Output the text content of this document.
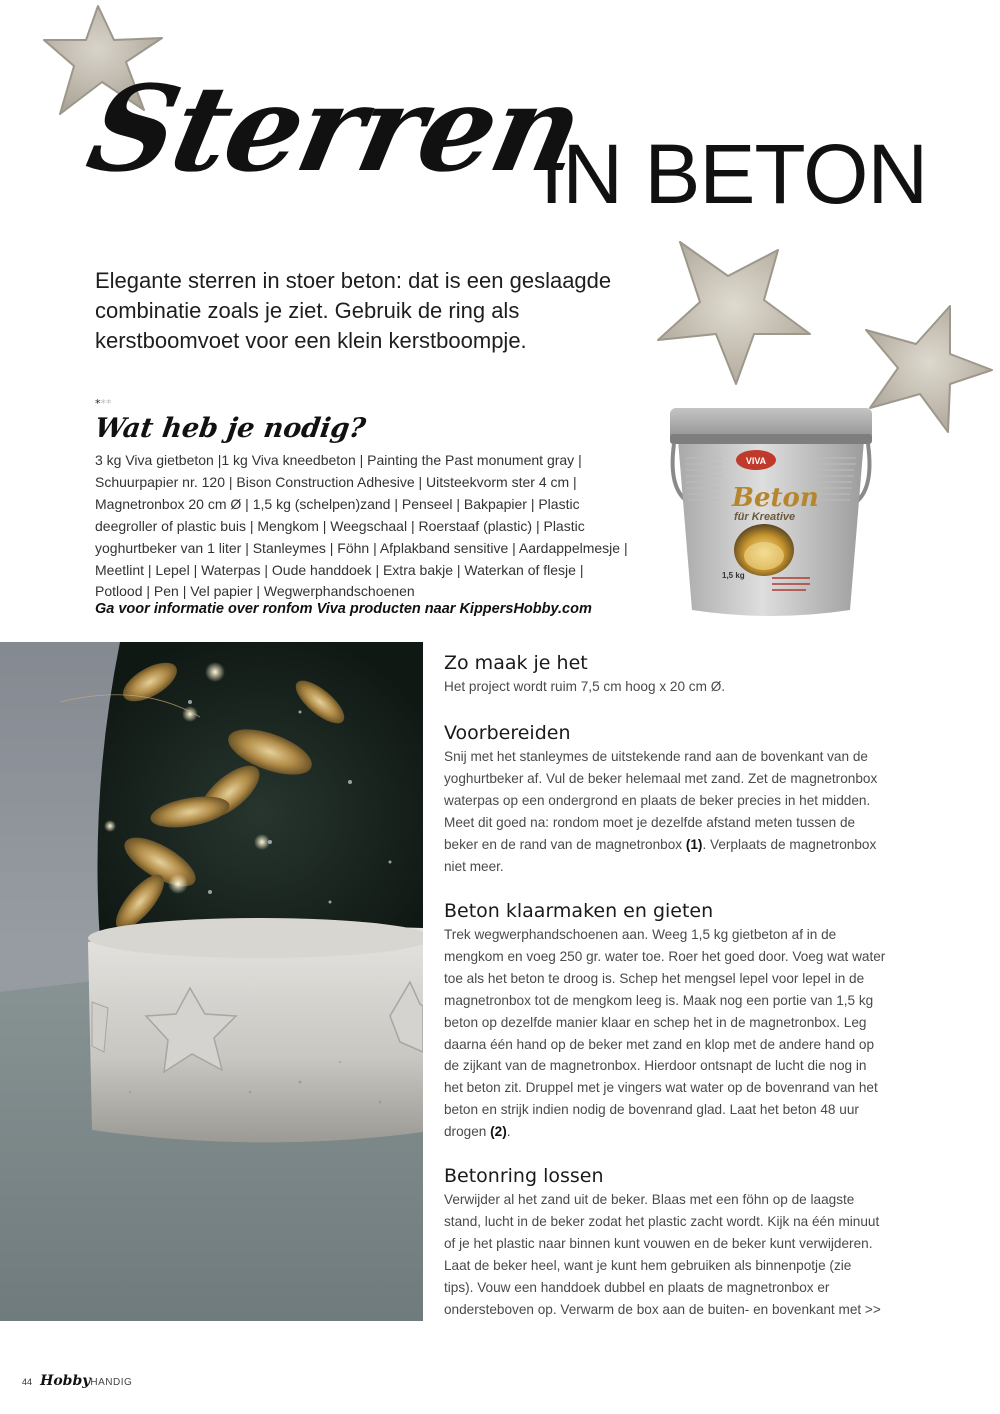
Sterren
IN BETON
Elegante sterren in stoer beton: dat is een geslaagde
combinatie zoals je ziet. Gebruik de ring als
kerstboomvoet voor een klein kerstboompje.
***
Wat heb je nodig?
3 kg Viva gietbeton |1 kg Viva kneedbeton | Painting the Past monument gray |
Schuurpapier nr. 120 | Bison Construction Adhesive | Uitsteekvorm ster 4 cm |
Magnetronbox 20 cm Ø | 1,5 kg (schelpen)zand | Penseel | Bakpapier | Plastic
deegroller of plastic buis | Mengkom | Weegschaal | Roerstaaf (plastic) | Plastic
yoghurtbeker van 1 liter | Stanleymes | Föhn | Afplakband sensitive | Aardappelmesje |
Meetlint | Lepel | Waterpas | Oude handdoek | Extra bakje | Waterkan of flesje |
Potlood | Pen | Vel papier | Wegwerphandschoenen
Ga voor informatie over ronfom Viva producten naar KippersHobby.com
VIVA
Beton
für Kreative
1,5 kg
Zo maak je het
Het project wordt ruim 7,5 cm hoog x 20 cm Ø.
Voorbereiden
Snij met het stanleymes de uitstekende rand aan de bovenkant van de
yoghurtbeker af. Vul de beker helemaal met zand. Zet de magnetronbox
waterpas op een ondergrond en plaats de beker precies in het midden.
Meet dit goed na: rondom moet je dezelfde afstand meten tussen de
beker en de rand van de magnetronbox (1). Verplaats de magnetronbox
niet meer.
Beton klaarmaken en gieten
Trek wegwerphandschoenen aan. Weeg 1,5 kg gietbeton af in de
mengkom en voeg 250 gr. water toe. Roer het goed door. Voeg wat water
toe als het beton te droog is. Schep het mengsel lepel voor lepel in de
magnetronbox tot de mengkom leeg is. Maak nog een portie van 1,5 kg
beton op dezelfde manier klaar en schep het in de magnetronbox. Leg
daarna één hand op de beker met zand en klop met de andere hand op
de zijkant van de magnetronbox. Hierdoor ontsnapt de lucht die nog in
het beton zit. Druppel met je vingers wat water op de bovenrand van het
beton en strijk indien nodig de bovenrand glad. Laat het beton 48 uur
drogen (2).
Betonring lossen
Verwijder al het zand uit de beker. Blaas met een föhn op de laagste
stand, lucht in de beker zodat het plastic zacht wordt. Kijk na één minuut
of je het plastic naar binnen kunt vouwen en de beker kunt verwijderen.
Laat de beker heel, want je kunt hem gebruiken als binnenpotje (zie
tips). Vouw een handdoek dubbel en plaats de magnetronbox er
ondersteboven op. Verwarm de box aan de buiten- en bovenkant met >>
44 HobbyHANDIG
